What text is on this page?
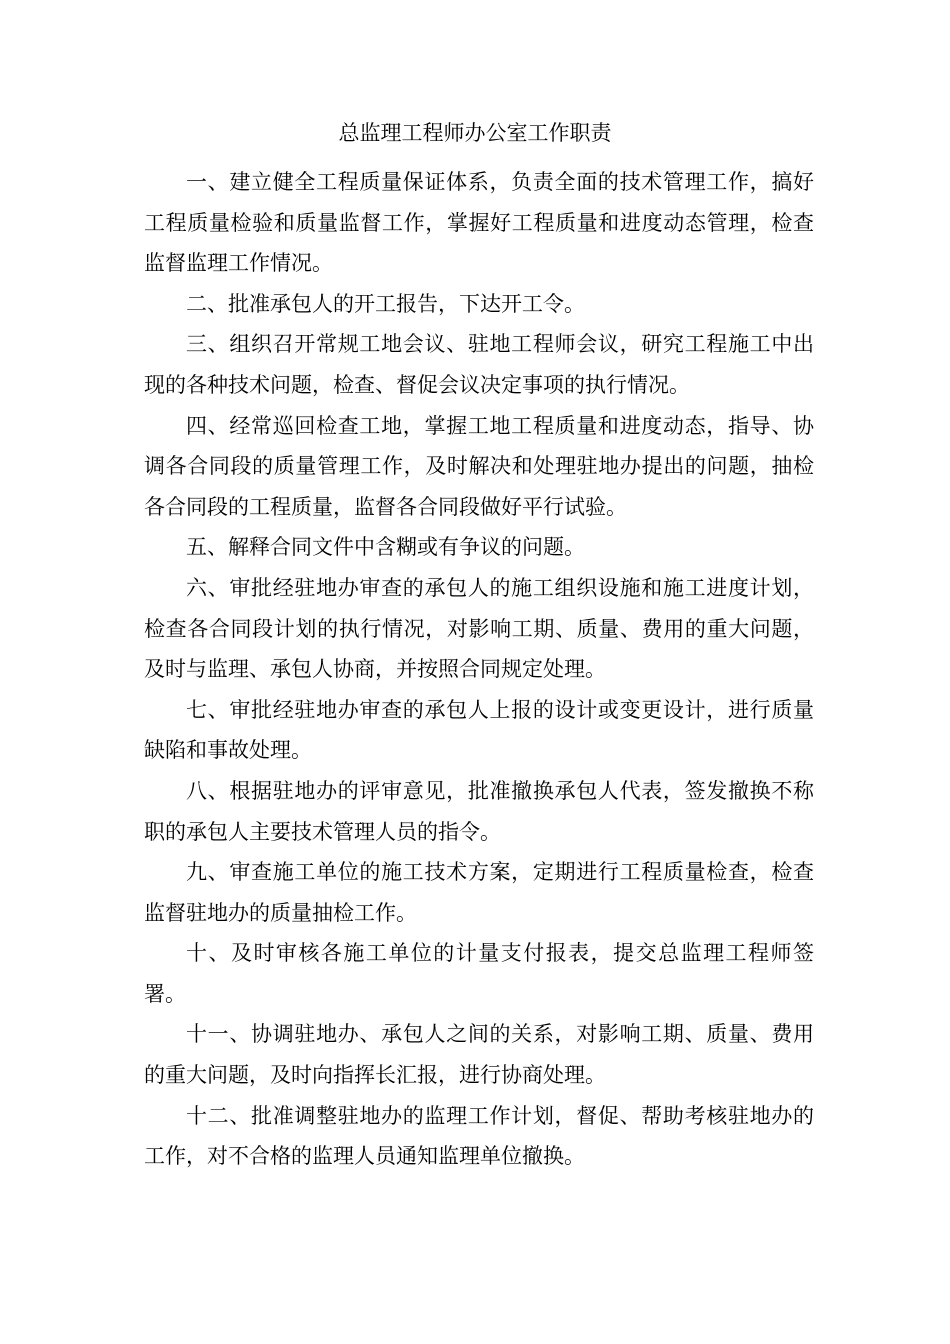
总监理工程师办公室工作职责

一、建立健全工程质量保证体系，负责全面的技术管理工作，搞好工程质量检验和质量监督工作，掌握好工程质量和进度动态管理，检查监督监理工作情况。

二、批准承包人的开工报告，下达开工令。

三、组织召开常规工地会议、驻地工程师会议，研究工程施工中出现的各种技术问题，检查、督促会议决定事项的执行情况。

四、经常巡回检查工地，掌握工地工程质量和进度动态，指导、协调各合同段的质量管理工作，及时解决和处理驻地办提出的问题，抽检各合同段的工程质量，监督各合同段做好平行试验。

五、解释合同文件中含糊或有争议的问题。

六、审批经驻地办审查的承包人的施工组织设施和施工进度计划，检查各合同段计划的执行情况，对影响工期、质量、费用的重大问题，及时与监理、承包人协商，并按照合同规定处理。

七、审批经驻地办审查的承包人上报的设计或变更设计，进行质量缺陷和事故处理。

八、根据驻地办的评审意见，批准撤换承包人代表，签发撤换不称职的承包人主要技术管理人员的指令。

九、审查施工单位的施工技术方案，定期进行工程质量检查，检查监督驻地办的质量抽检工作。

十、及时审核各施工单位的计量支付报表，提交总监理工程师签署。

十一、协调驻地办、承包人之间的关系，对影响工期、质量、费用的重大问题，及时向指挥长汇报，进行协商处理。

十二、批准调整驻地办的监理工作计划，督促、帮助考核驻地办的工作，对不合格的监理人员通知监理单位撤换。
